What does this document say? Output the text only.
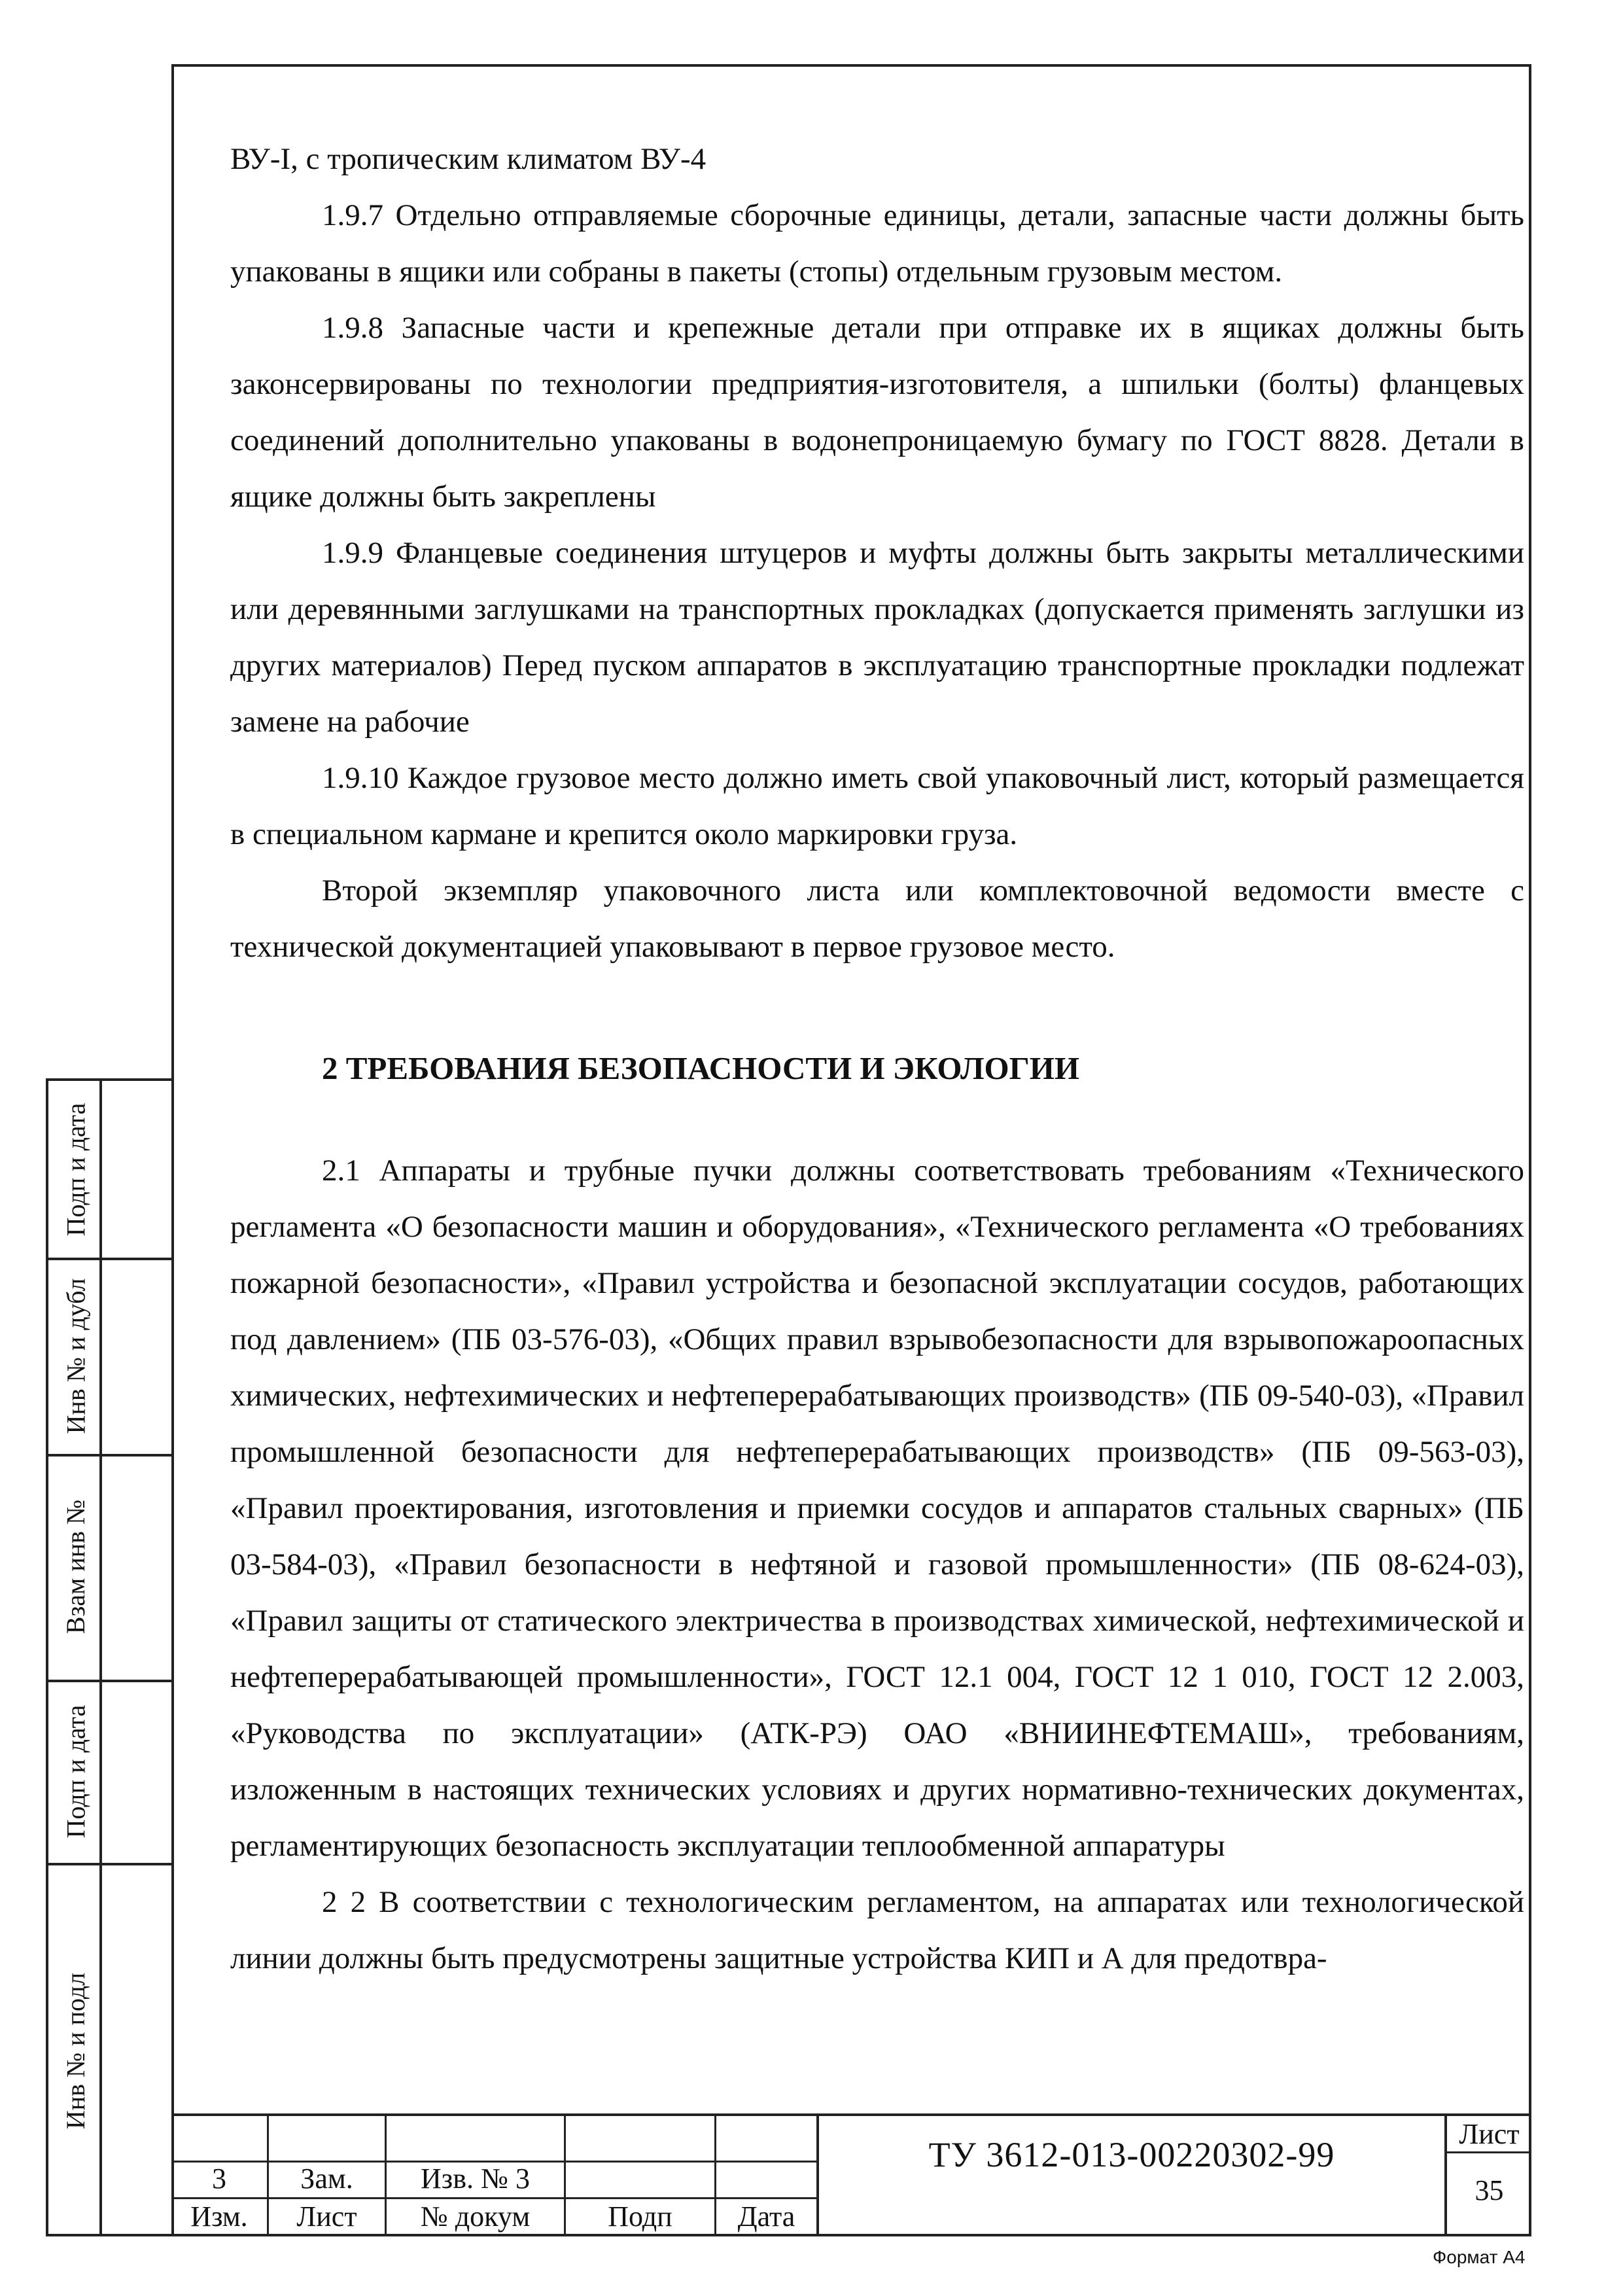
ВУ-I, с тропическим климатом ВУ-4

1.9.7 Отдельно отправляемые сборочные единицы, детали, запасные части должны быть упакованы в ящики или собраны в пакеты (стопы) отдельным грузовым местом.

1.9.8 Запасные части и крепежные детали при отправке их в ящиках должны быть законсервированы по технологии предприятия-изготовителя, а шпильки (болты) фланцевых соединений дополнительно упакованы в водонепроницаемую бумагу по ГОСТ 8828. Детали в ящике должны быть закреплены

1.9.9 Фланцевые соединения штуцеров и муфты должны быть закрыты металлическими или деревянными заглушками на транспортных прокладках (допускается применять заглушки из других материалов) Перед пуском аппаратов в эксплуатацию транспортные прокладки подлежат замене на рабочие

1.9.10 Каждое грузовое место должно иметь свой упаковочный лист, который размещается в специальном кармане и крепится около маркировки груза.

Второй экземпляр упаковочного листа или комплектовочной ведомости вместе с технической документацией упаковывают в первое грузовое место.

2 ТРЕБОВАНИЯ БЕЗОПАСНОСТИ И ЭКОЛОГИИ

2.1 Аппараты и трубные пучки должны соответствовать требованиям «Технического регламента «О безопасности машин и оборудования», «Технического регламента «О требованиях пожарной безопасности», «Правил устройства и безопасной эксплуатации сосудов, работающих под давлением» (ПБ 03-576-03), «Общих правил взрывобезопасности для взрывопожароопасных химических, нефтехимических и нефтеперерабатывающих производств» (ПБ 09-540-03), «Правил промышленной безопасности для нефтеперерабатывающих производств» (ПБ 09-563-03), «Правил проектирования, изготовления и приемки сосудов и аппаратов стальных сварных» (ПБ 03-584-03), «Правил безопасности в нефтяной и газовой промышленности» (ПБ 08-624-03), «Правил защиты от статического электричества в производствах химической, нефтехимической и нефтеперерабатывающей промышленности», ГОСТ 12.1 004, ГОСТ 12 1 010, ГОСТ 12 2.003, «Руководства по эксплуатации» (АТК-РЭ) ОАО «ВНИИНЕФТЕМАШ», требованиям, изложенным в настоящих технических условиях и других нормативно-технических документах, регламентирующих безопасность эксплуатации теплообменной аппаратуры

2 2 В соответствии с технологическим регламентом, на аппаратах или технологической линии должны быть предусмотрены защитные устройства КИП и А для предотвра-

Подп и дата
Инв № и дубл
Взам инв №
Подп и дата
Инв № и подл
3	Зам.	Изв. № 3
Изм.	Лист	№ докум	Подп	Дата
ТУ 3612-013-00220302-99
Лист
35
Формат А4
